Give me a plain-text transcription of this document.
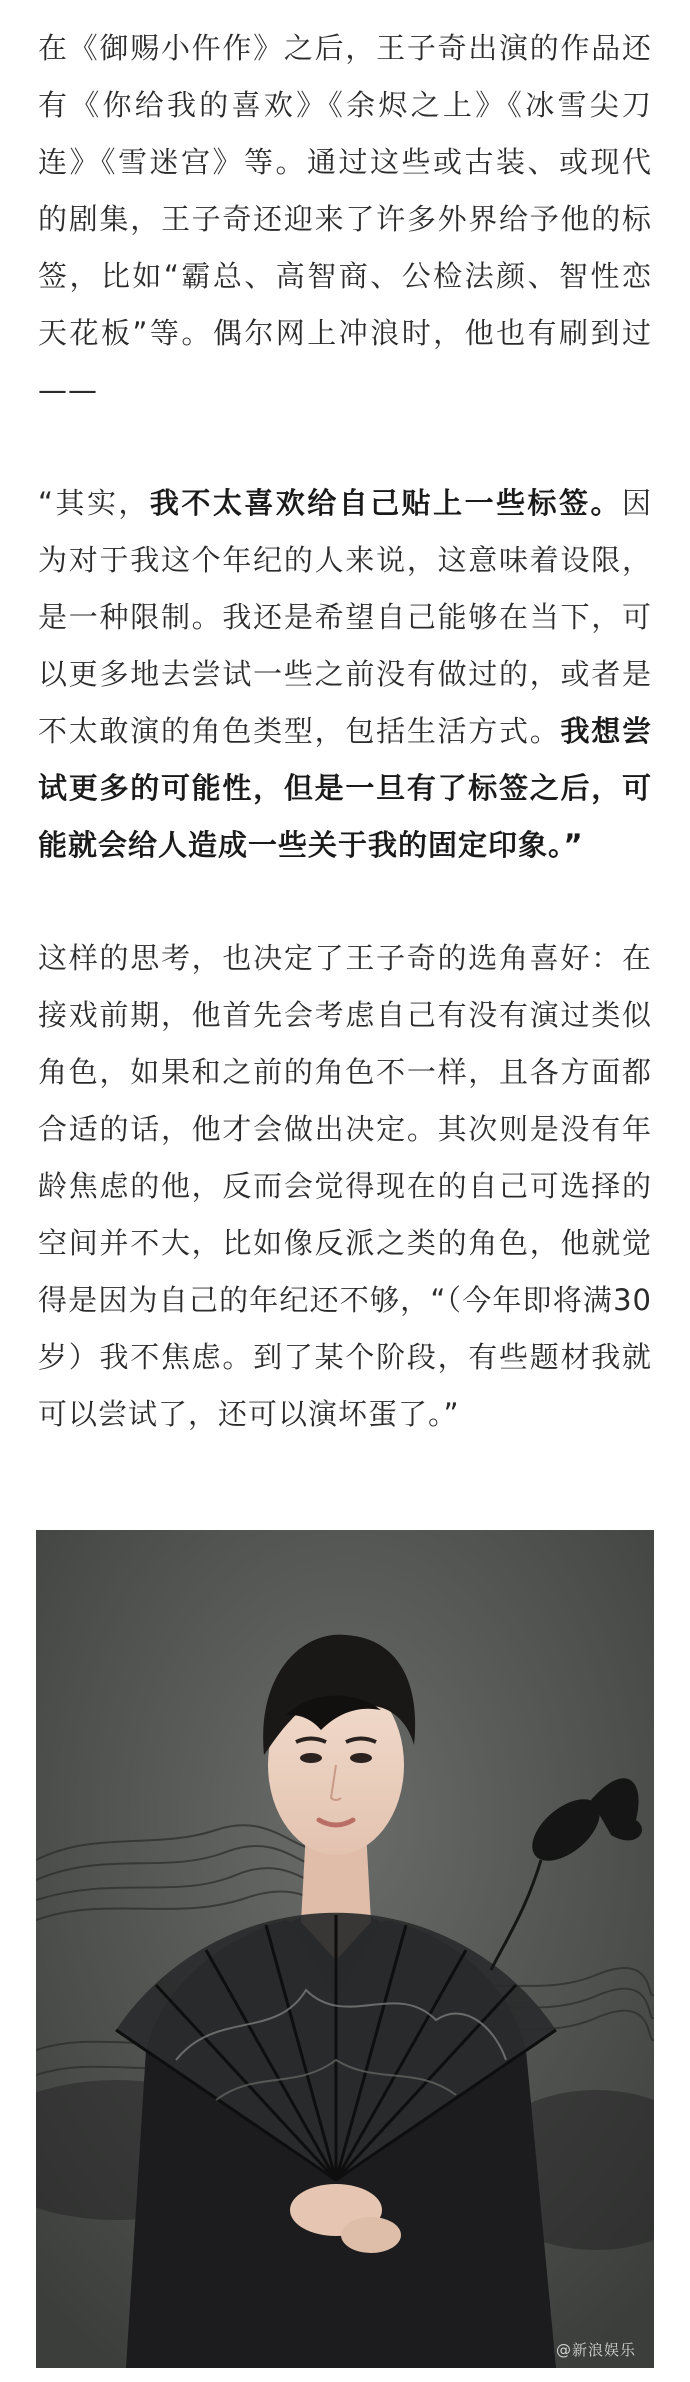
在《御赐小仵作》之后，王子奇出演的作品还有《你给我的喜欢》《余烬之上》《冰雪尖刀连》《雪迷宫》等。通过这些或古装、或现代的剧集，王子奇还迎来了许多外界给予他的标签，比如“霸总、高智商、公检法颜、智性恋天花板”等。偶尔网上冲浪时，他也有刷到过——

“其实，我不太喜欢给自己贴上一些标签。因为对于我这个年纪的人来说，这意味着设限，是一种限制。我还是希望自己能够在当下，可以更多地去尝试一些之前没有做过的，或者是不太敢演的角色类型，包括生活方式。我想尝试更多的可能性，但是一旦有了标签之后，可能就会给人造成一些关于我的固定印象。”

这样的思考，也决定了王子奇的选角喜好：在接戏前期，他首先会考虑自己有没有演过类似角色，如果和之前的角色不一样，且各方面都合适的话，他才会做出决定。其次则是没有年龄焦虑的他，反而会觉得现在的自己可选择的空间并不大，比如像反派之类的角色，他就觉得是因为自己的年纪还不够，“（今年即将满30岁）我不焦虑。到了某个阶段，有些题材我就可以尝试了，还可以演坏蛋了。”

@新浪娱乐
